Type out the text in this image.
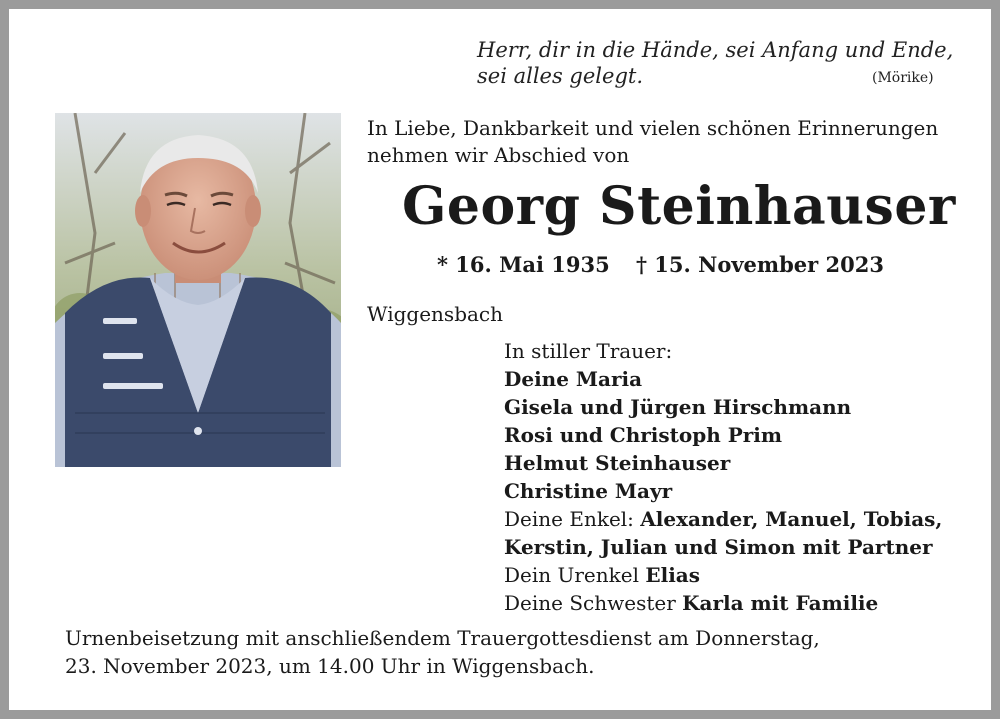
Herr, dir in die Hände, sei Anfang und Ende,
sei alles gelegt.	(Mörike)
In Liebe, Dankbarkeit und vielen schönen Erinnerungen
nehmen wir Abschied von
Georg Steinhauser
* 16. Mai 1935 † 15. November 2023
Wiggensbach
In stiller Trauer:
Deine Maria
Gisela und Jürgen Hirschmann
Rosi und Christoph Prim
Helmut Steinhauser
Christine Mayr
Deine Enkel: Alexander, Manuel, Tobias,
Kerstin, Julian und Simon mit Partner
Dein Urenkel Elias
Deine Schwester Karla mit Familie
Urnenbeisetzung mit anschließendem Trauergottesdienst am Donnerstag,
23. November 2023, um 14.00 Uhr in Wiggensbach.
